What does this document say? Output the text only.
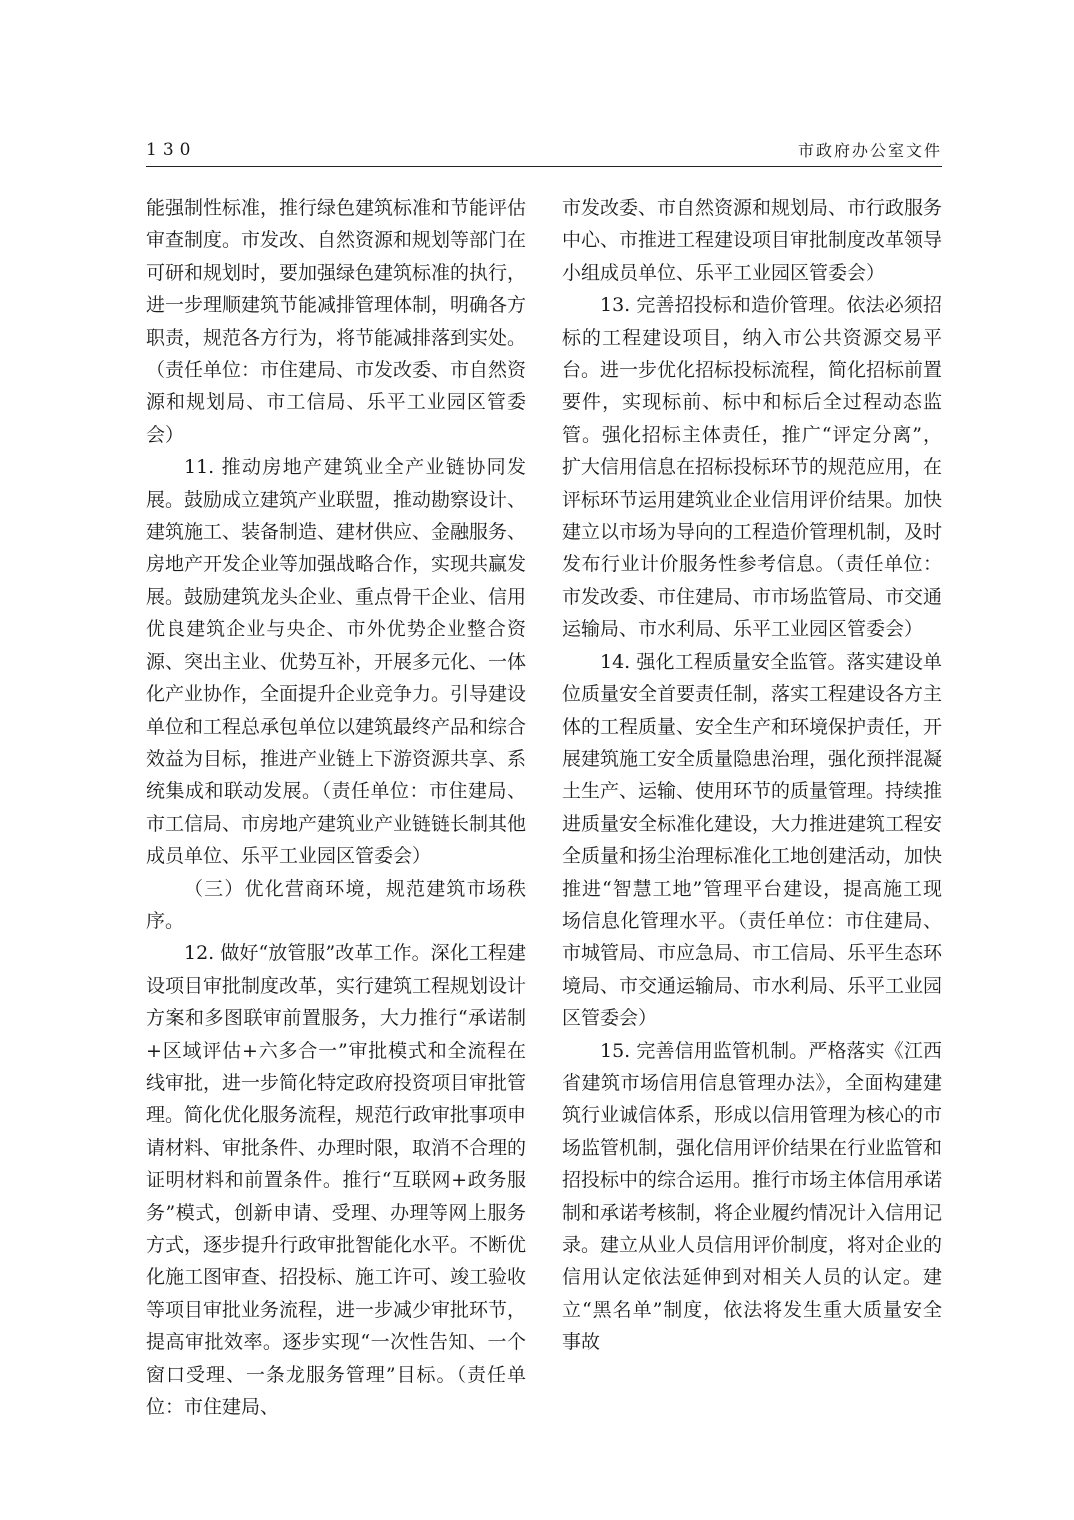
130	市政府办公室文件

能强制性标准，推行绿色建筑标准和节能评估审查制度。市发改、自然资源和规划等部门在可研和规划时，要加强绿色建筑标准的执行，进一步理顺建筑节能减排管理体制，明确各方职责，规范各方行为，将节能减排落到实处。（责任单位：市住建局、市发改委、市自然资源和规划局、市工信局、乐平工业园区管委会）

11. 推动房地产建筑业全产业链协同发展。鼓励成立建筑产业联盟，推动勘察设计、建筑施工、装备制造、建材供应、金融服务、房地产开发企业等加强战略合作，实现共赢发展。鼓励建筑龙头企业、重点骨干企业、信用优良建筑企业与央企、市外优势企业整合资源、突出主业、优势互补，开展多元化、一体化产业协作，全面提升企业竞争力。引导建设单位和工程总承包单位以建筑最终产品和综合效益为目标，推进产业链上下游资源共享、系统集成和联动发展。（责任单位：市住建局、市工信局、市房地产建筑业产业链链长制其他成员单位、乐平工业园区管委会）

（三）优化营商环境，规范建筑市场秩序。

12. 做好“放管服”改革工作。深化工程建设项目审批制度改革，实行建筑工程规划设计方案和多图联审前置服务，大力推行“承诺制+区域评估+六多合一”审批模式和全流程在线审批，进一步简化特定政府投资项目审批管理。简化优化服务流程，规范行政审批事项申请材料、审批条件、办理时限，取消不合理的证明材料和前置条件。推行“互联网+政务服务”模式，创新申请、受理、办理等网上服务方式，逐步提升行政审批智能化水平。不断优化施工图审查、招投标、施工许可、竣工验收等项目审批业务流程，进一步减少审批环节，提高审批效率。逐步实现“一次性告知、一个窗口受理、一条龙服务管理”目标。（责任单位：市住建局、

市发改委、市自然资源和规划局、市行政服务中心、市推进工程建设项目审批制度改革领导小组成员单位、乐平工业园区管委会）

13. 完善招投标和造价管理。依法必须招标的工程建设项目，纳入市公共资源交易平台。进一步优化招标投标流程，简化招标前置要件，实现标前、标中和标后全过程动态监管。强化招标主体责任，推广“评定分离”，扩大信用信息在招标投标环节的规范应用，在评标环节运用建筑业企业信用评价结果。加快建立以市场为导向的工程造价管理机制，及时发布行业计价服务性参考信息。（责任单位：市发改委、市住建局、市市场监管局、市交通运输局、市水利局、乐平工业园区管委会）

14. 强化工程质量安全监管。落实建设单位质量安全首要责任制，落实工程建设各方主体的工程质量、安全生产和环境保护责任，开展建筑施工安全质量隐患治理，强化预拌混凝土生产、运输、使用环节的质量管理。持续推进质量安全标准化建设，大力推进建筑工程安全质量和扬尘治理标准化工地创建活动，加快推进“智慧工地”管理平台建设，提高施工现场信息化管理水平。（责任单位：市住建局、市城管局、市应急局、市工信局、乐平生态环境局、市交通运输局、市水利局、乐平工业园区管委会）

15. 完善信用监管机制。严格落实《江西省建筑市场信用信息管理办法》，全面构建建筑行业诚信体系，形成以信用管理为核心的市场监管机制，强化信用评价结果在行业监管和招投标中的综合运用。推行市场主体信用承诺制和承诺考核制，将企业履约情况计入信用记录。建立从业人员信用评价制度，将对企业的信用认定依法延伸到对相关人员的认定。建立“黑名单”制度，依法将发生重大质量安全事故
